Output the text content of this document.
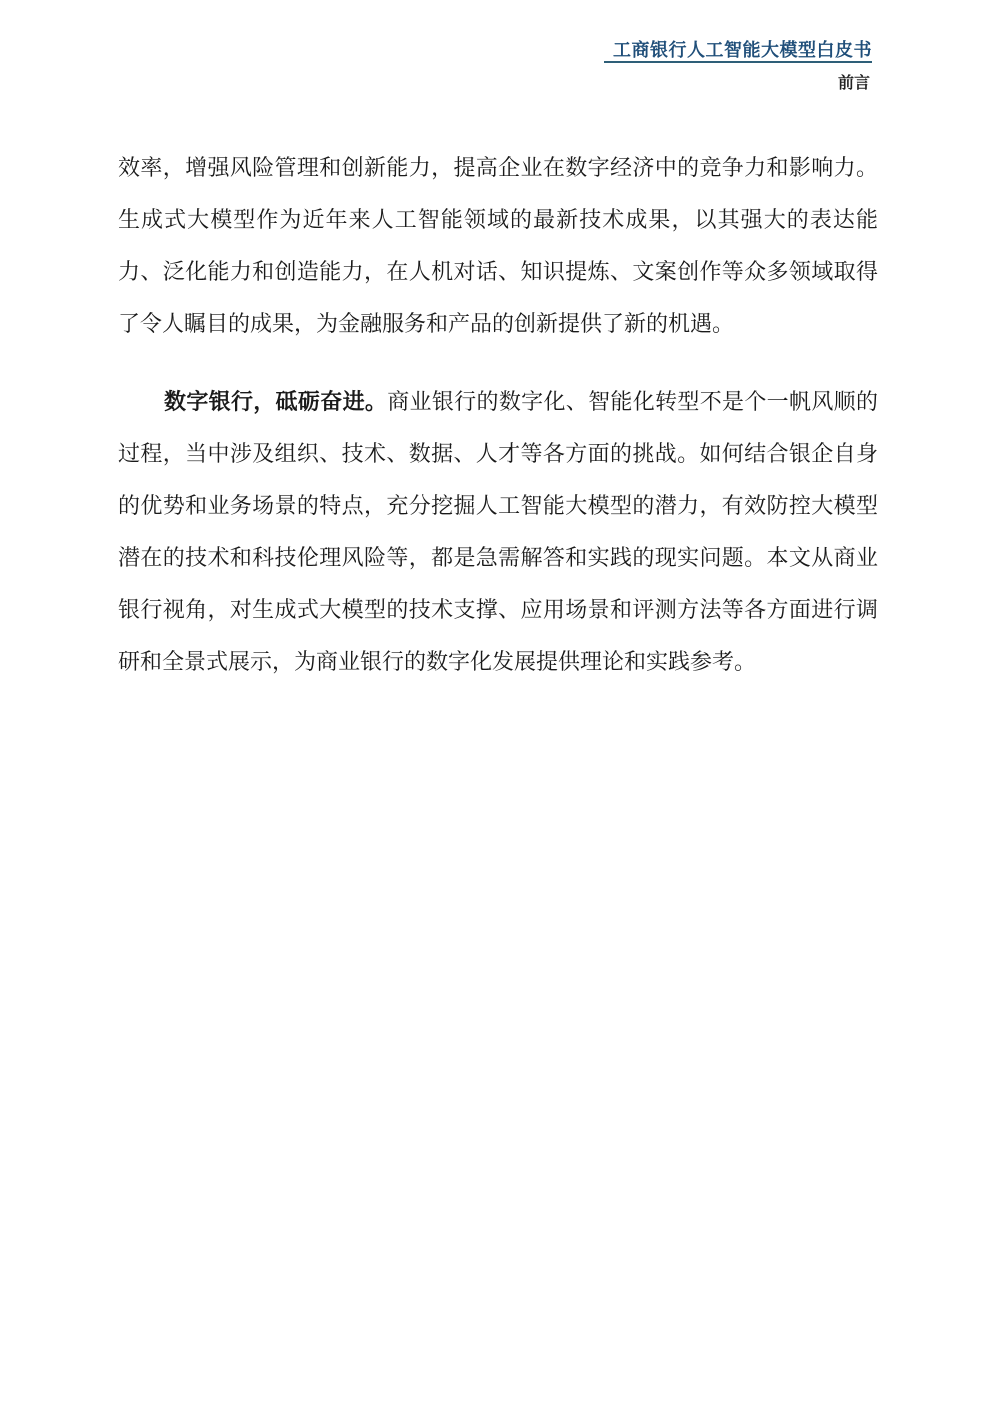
工商银行人工智能大模型白皮书
前言

效率，增强风险管理和创新能力，提高企业在数字经济中的竞争力和影响力。生成式大模型作为近年来人工智能领域的最新技术成果，以其强大的表达能力、泛化能力和创造能力，在人机对话、知识提炼、文案创作等众多领域取得了令人瞩目的成果，为金融服务和产品的创新提供了新的机遇。

数字银行，砥砺奋进。商业银行的数字化、智能化转型不是个一帆风顺的过程，当中涉及组织、技术、数据、人才等各方面的挑战。如何结合银企自身的优势和业务场景的特点，充分挖掘人工智能大模型的潜力，有效防控大模型潜在的技术和科技伦理风险等，都是急需解答和实践的现实问题。本文从商业银行视角，对生成式大模型的技术支撑、应用场景和评测方法等各方面进行调研和全景式展示，为商业银行的数字化发展提供理论和实践参考。
